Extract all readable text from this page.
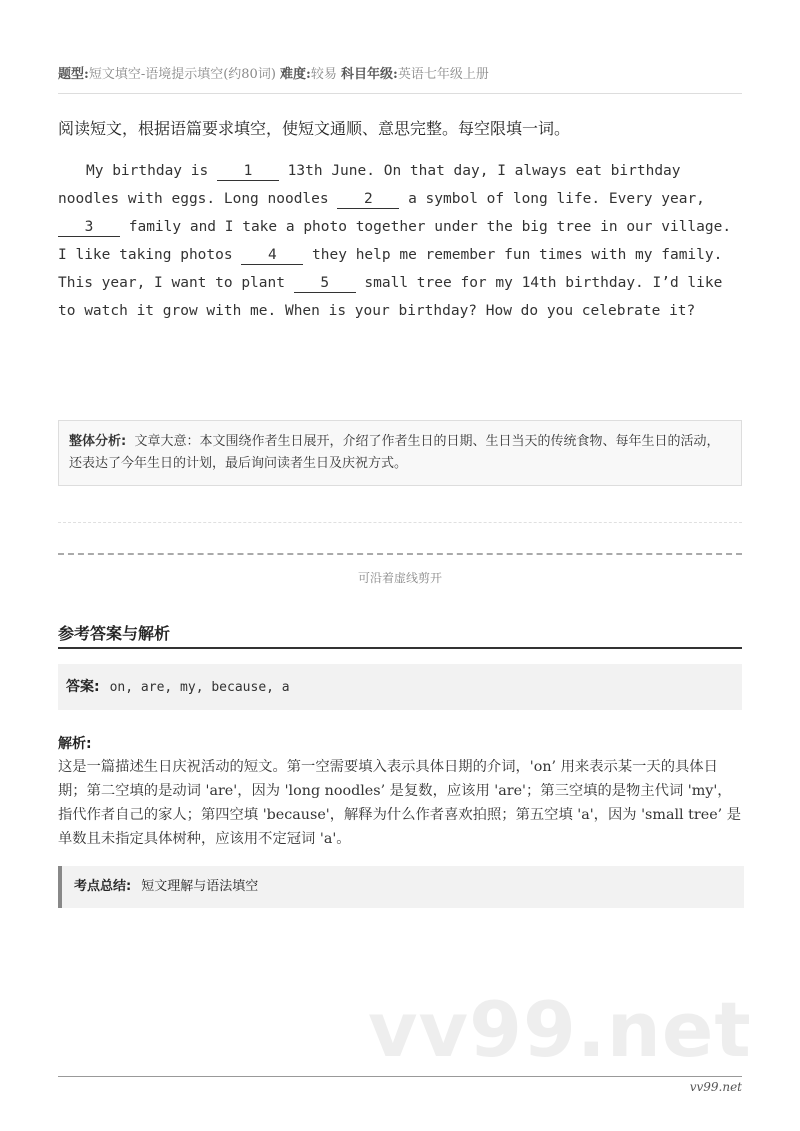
题型:短文填空-语境提示填空(约80词) 难度:较易 科目年级:英语七年级上册
阅读短文，根据语篇要求填空，使短文通顺、意思完整。每空限填一词。
My birthday is 1 13th June. On that day, I always eat birthday noodles with eggs. Long noodles 2 a symbol of long life. Every year, 3 family and I take a photo together under the big tree in our village. I like taking photos 4 they help me remember fun times with my family. This year, I want to plant 5 small tree for my 14th birthday. I’d like to watch it grow with me. When is your birthday? How do you celebrate it?
整体分析: 文章大意：本文围绕作者生日展开，介绍了作者生日的日期、生日当天的传统食物、每年生日的活动，还表达了今年生日的计划，最后询问读者生日及庆祝方式。
可沿着虚线剪开
参考答案与解析
答案: on, are, my, because, a
解析:
这是一篇描述生日庆祝活动的短文。第一空需要填入表示具体日期的介词，'on’ 用来表示某一天的具体日期；第二空填的是动词 'are'，因为 'long noodles’ 是复数，应该用 'are'；第三空填的是物主代词 'my'，指代作者自己的家人；第四空填 'because'，解释为什么作者喜欢拍照；第五空填 'a'，因为 'small tree’ 是单数且未指定具体树种，应该用不定冠词 'a'。
考点总结: 短文理解与语法填空
vv99.net
vv99.net
